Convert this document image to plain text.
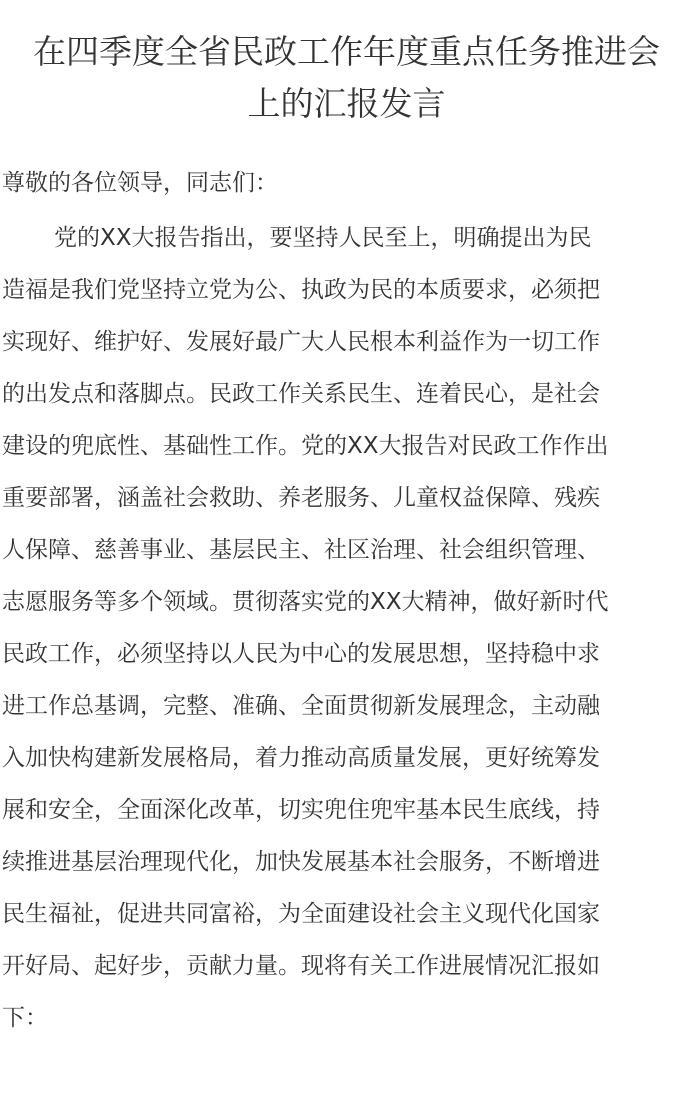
在四季度全省民政工作年度重点任务推进会
上的汇报发言

尊敬的各位领导，同志们：

党的XX大报告指出，要坚持人民至上，明确提出为民
造福是我们党坚持立党为公、执政为民的本质要求，必须把
实现好、维护好、发展好最广大人民根本利益作为一切工作
的出发点和落脚点。民政工作关系民生、连着民心，是社会
建设的兜底性、基础性工作。党的XX大报告对民政工作作出
重要部署，涵盖社会救助、养老服务、儿童权益保障、残疾
人保障、慈善事业、基层民主、社区治理、社会组织管理、
志愿服务等多个领域。贯彻落实党的XX大精神，做好新时代
民政工作，必须坚持以人民为中心的发展思想，坚持稳中求
进工作总基调，完整、准确、全面贯彻新发展理念，主动融
入加快构建新发展格局，着力推动高质量发展，更好统筹发
展和安全，全面深化改革，切实兜住兜牢基本民生底线，持
续推进基层治理现代化，加快发展基本社会服务，不断增进
民生福祉，促进共同富裕，为全面建设社会主义现代化国家
开好局、起好步，贡献力量。现将有关工作进展情况汇报如
下：
